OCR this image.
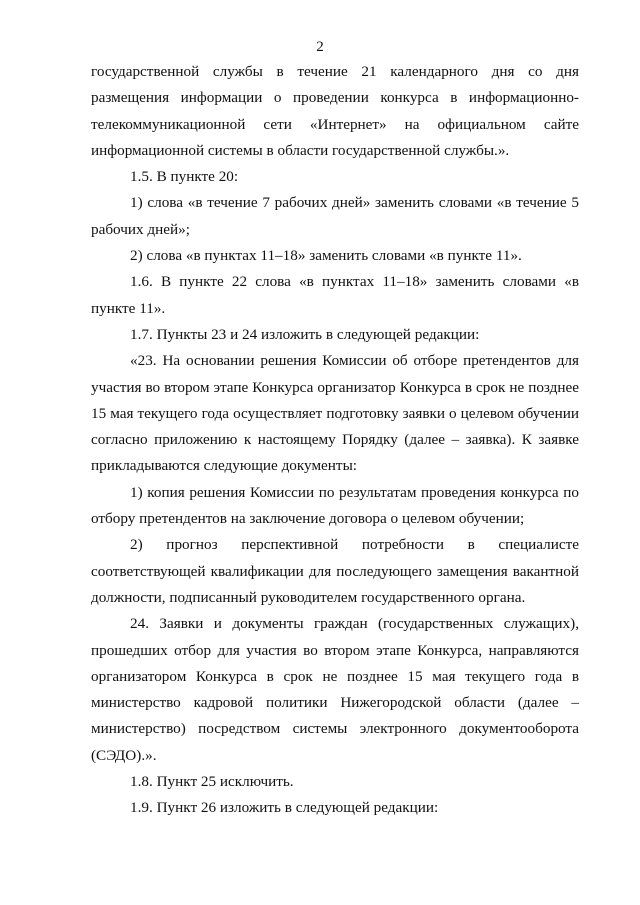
2

государственной службы в течение 21 календарного дня со дня размещения информации о проведении конкурса в информационно-телекоммуникационной сети «Интернет» на официальном сайте информационной системы в области государственной службы.».

1.5. В пункте 20:

1) слова «в течение 7 рабочих дней» заменить словами «в течение 5 рабочих дней»;

2) слова «в пунктах 11–18» заменить словами «в пункте 11».

1.6. В пункте 22 слова «в пунктах 11–18» заменить словами «в пункте 11».

1.7. Пункты 23 и 24 изложить в следующей редакции:

«23. На основании решения Комиссии об отборе претендентов для участия во втором этапе Конкурса организатор Конкурса в срок не позднее 15 мая текущего года осуществляет подготовку заявки о целевом обучении согласно приложению к настоящему Порядку (далее – заявка). К заявке прикладываются следующие документы:

1) копия решения Комиссии по результатам проведения конкурса по отбору претендентов на заключение договора о целевом обучении;

2) прогноз перспективной потребности в специалисте соответствующей квалификации для последующего замещения вакантной должности, подписанный руководителем государственного органа.

24. Заявки и документы граждан (государственных служащих), прошедших отбор для участия во втором этапе Конкурса, направляются организатором Конкурса в срок не позднее 15 мая текущего года в министерство кадровой политики Нижегородской области (далее – министерство) посредством системы электронного документооборота (СЭДО).».

1.8. Пункт 25 исключить.

1.9. Пункт 26 изложить в следующей редакции:
